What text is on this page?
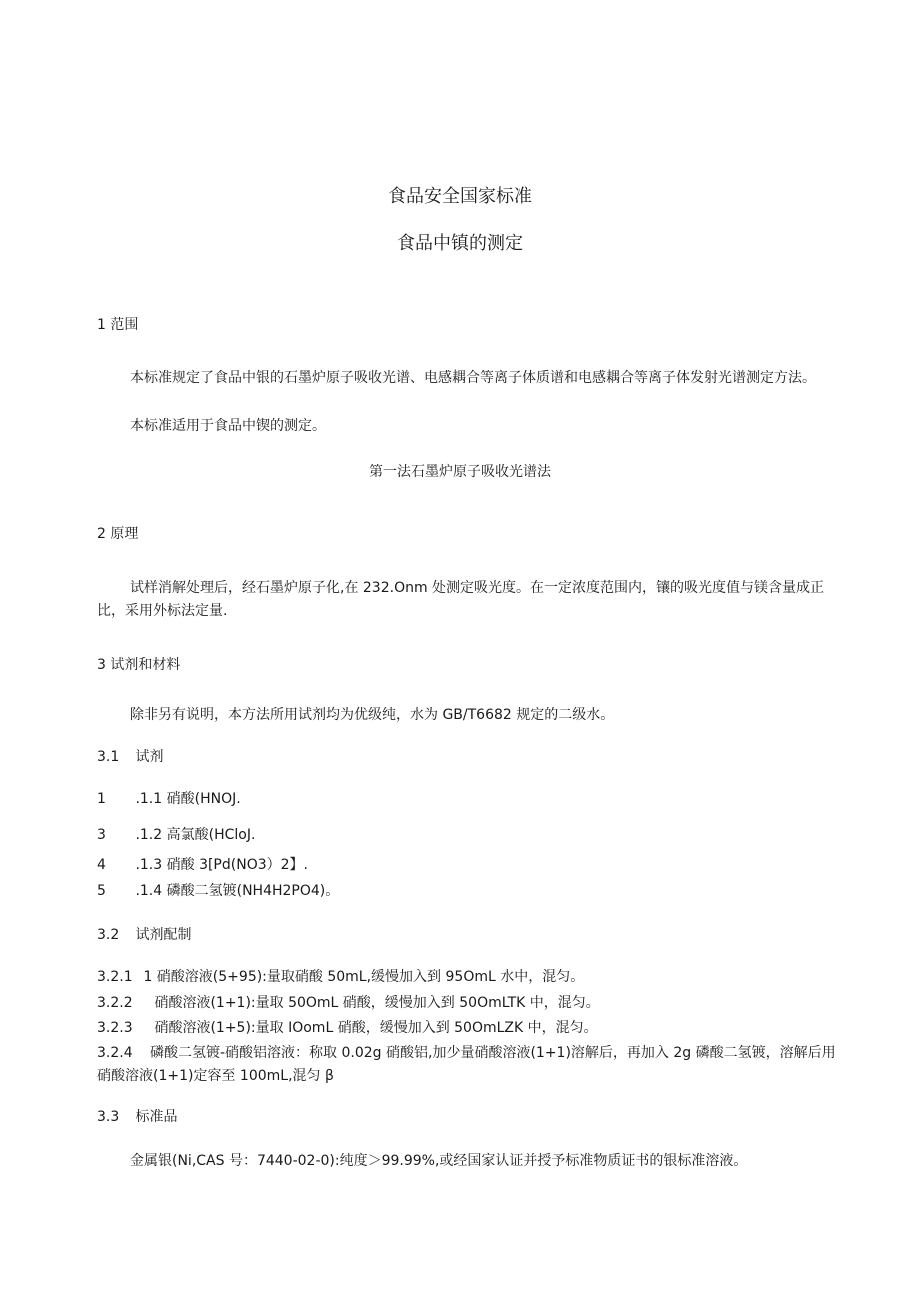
食品安全国家标准
食品中镇的测定
1 范围
本标准规定了食品中银的石墨炉原子吸收光谱、电感耦合等离子体质谱和电感耦合等离子体发射光谱测定方法。
本标准适用于食品中锲的测定。
第一法石墨炉原子吸收光谱法
2 原理
试样消解处理后，经石墨炉原子化,在 232.Onm 处测定吸光度。在一定浓度范围内，镶的吸光度值与镁含量成正比，采用外标法定量.
3 试剂和材料
除非另有说明，本方法所用试剂均为优级纯，水为 GB/T6682 规定的二级水。
3.1 试剂
1 .1.1 硝酸(HNOJ.
3 .1.2 高氯酸(HCloJ.
4 .1.3 硝酸 3[Pd(NO3）2】.
5 .1.4 磷酸二氢镀(NH4H2PO4)。
3.2 试剂配制
3.2.1 1 硝酸溶液(5+95):量取硝酸 50mL,缓慢加入到 95OmL 水中，混匀。
3.2.2 硝酸溶液(1+1):量取 50OmL 硝酸，缓慢加入到 50OmLTK 中，混匀。
3.2.3 硝酸溶液(1+5):量取 IOomL 硝酸，缓慢加入到 50OmLZK 中，混匀。
3.2.4 磷酸二氢镀-硝酸铝溶液：称取 0.02g 硝酸铝,加少量硝酸溶液(1+1)溶解后，再加入 2g 磷酸二氢镀，溶解后用硝酸溶液(1+1)定容至 100mL,混匀 β
3.3 标准品
金属银(Ni,CAS 号：7440-02-0):纯度＞99.99%,或经国家认证并授予标准物质证书的银标准溶液。
